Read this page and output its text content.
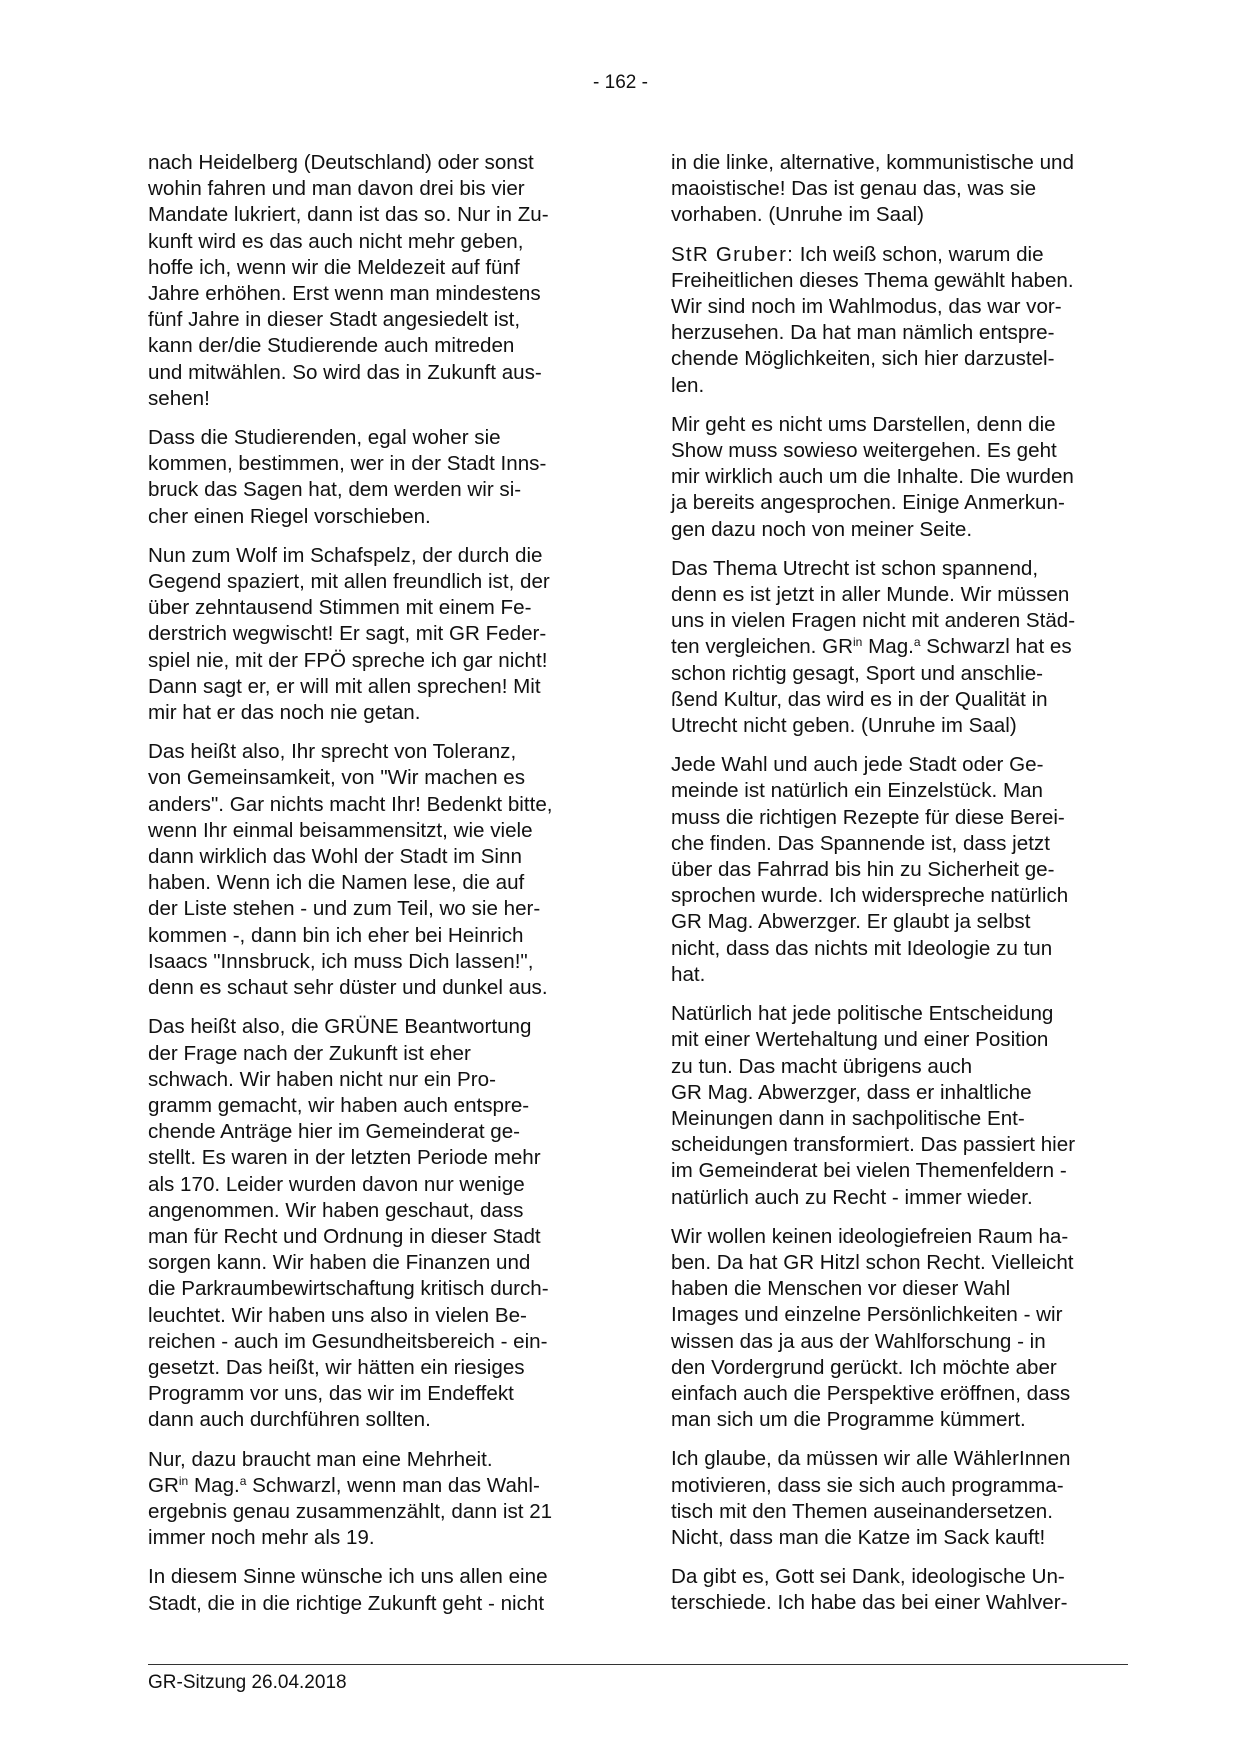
- 162 -
nach Heidelberg (Deutschland) oder sonst
wohin fahren und man davon drei bis vier
Mandate lukriert, dann ist das so. Nur in Zu-
kunft wird es das auch nicht mehr geben,
hoffe ich, wenn wir die Meldezeit auf fünf
Jahre erhöhen. Erst wenn man mindestens
fünf Jahre in dieser Stadt angesiedelt ist,
kann der/die Studierende auch mitreden
und mitwählen. So wird das in Zukunft aus-
sehen!
Dass die Studierenden, egal woher sie
kommen, bestimmen, wer in der Stadt Inns-
bruck das Sagen hat, dem werden wir si-
cher einen Riegel vorschieben.
Nun zum Wolf im Schafspelz, der durch die
Gegend spaziert, mit allen freundlich ist, der
über zehntausend Stimmen mit einem Fe-
derstrich wegwischt! Er sagt, mit GR Feder-
spiel nie, mit der FPÖ spreche ich gar nicht!
Dann sagt er, er will mit allen sprechen! Mit
mir hat er das noch nie getan.
Das heißt also, Ihr sprecht von Toleranz,
von Gemeinsamkeit, von "Wir machen es
anders". Gar nichts macht Ihr! Bedenkt bitte,
wenn Ihr einmal beisammensitzt, wie viele
dann wirklich das Wohl der Stadt im Sinn
haben. Wenn ich die Namen lese, die auf
der Liste stehen - und zum Teil, wo sie her-
kommen -, dann bin ich eher bei Heinrich
Isaacs "Innsbruck, ich muss Dich lassen!",
denn es schaut sehr düster und dunkel aus.
Das heißt also, die GRÜNE Beantwortung
der Frage nach der Zukunft ist eher
schwach. Wir haben nicht nur ein Pro-
gramm gemacht, wir haben auch entspre-
chende Anträge hier im Gemeinderat ge-
stellt. Es waren in der letzten Periode mehr
als 170. Leider wurden davon nur wenige
angenommen. Wir haben geschaut, dass
man für Recht und Ordnung in dieser Stadt
sorgen kann. Wir haben die Finanzen und
die Parkraumbewirtschaftung kritisch durch-
leuchtet. Wir haben uns also in vielen Be-
reichen - auch im Gesundheitsbereich - ein-
gesetzt. Das heißt, wir hätten ein riesiges
Programm vor uns, das wir im Endeffekt
dann auch durchführen sollten.
Nur, dazu braucht man eine Mehrheit.
$GR^{in}$ Mag.$^a$ Schwarzl, wenn man das Wahl-
ergebnis genau zusammenzählt, dann ist 21
immer noch mehr als 19.
In diesem Sinne wünsche ich uns allen eine
Stadt, die in die richtige Zukunft geht - nicht
in die linke, alternative, kommunistische und
maoistische! Das ist genau das, was sie
vorhaben. (Unruhe im Saal)
StR Gruber: Ich weiß schon, warum die
Freiheitlichen dieses Thema gewählt haben.
Wir sind noch im Wahlmodus, das war vor-
herzusehen. Da hat man nämlich entspre-
chende Möglichkeiten, sich hier darzustel-
len.
Mir geht es nicht ums Darstellen, denn die
Show muss sowieso weitergehen. Es geht
mir wirklich auch um die Inhalte. Die wurden
ja bereits angesprochen. Einige Anmerkun-
gen dazu noch von meiner Seite.
Das Thema Utrecht ist schon spannend,
denn es ist jetzt in aller Munde. Wir müssen
uns in vielen Fragen nicht mit anderen Städ-
ten vergleichen. $GR^{in}$ Mag.$^a$ Schwarzl hat es
schon richtig gesagt, Sport und anschlie-
ßend Kultur, das wird es in der Qualität in
Utrecht nicht geben. (Unruhe im Saal)
Jede Wahl und auch jede Stadt oder Ge-
meinde ist natürlich ein Einzelstück. Man
muss die richtigen Rezepte für diese Berei-
che finden. Das Spannende ist, dass jetzt
über das Fahrrad bis hin zu Sicherheit ge-
sprochen wurde. Ich widerspreche natürlich
GR Mag. Abwerzger. Er glaubt ja selbst
nicht, dass das nichts mit Ideologie zu tun
hat.
Natürlich hat jede politische Entscheidung
mit einer Wertehaltung und einer Position
zu tun. Das macht übrigens auch
GR Mag. Abwerzger, dass er inhaltliche
Meinungen dann in sachpolitische Ent-
scheidungen transformiert. Das passiert hier
im Gemeinderat bei vielen Themenfeldern -
natürlich auch zu Recht - immer wieder.
Wir wollen keinen ideologiefreien Raum ha-
ben. Da hat GR Hitzl schon Recht. Vielleicht
haben die Menschen vor dieser Wahl
Images und einzelne Persönlichkeiten - wir
wissen das ja aus der Wahlforschung - in
den Vordergrund gerückt. Ich möchte aber
einfach auch die Perspektive eröffnen, dass
man sich um die Programme kümmert.
Ich glaube, da müssen wir alle WählerInnen
motivieren, dass sie sich auch programma-
tisch mit den Themen auseinandersetzen.
Nicht, dass man die Katze im Sack kauft!
Da gibt es, Gott sei Dank, ideologische Un-
terschiede. Ich habe das bei einer Wahlver-
GR-Sitzung 26.04.2018
